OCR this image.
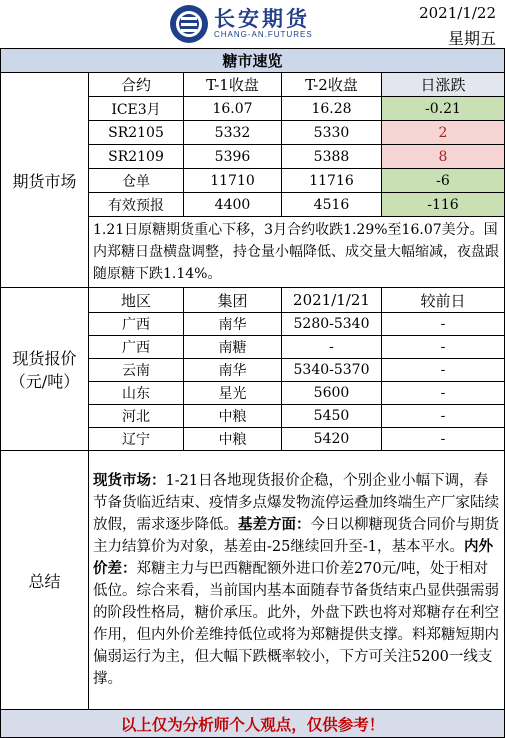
长安期货
CHANG-AN.FUTURES
2021/1/22
星期五
糖市速览				
期货市场	合约	T-1收盘	T-2收盘	日涨跌
	ICE3月	16.07	16.28	-0.21
	SR2105	5332	5330	2
	SR2109	5396	5388	8
	仓单	11710	11716	-6
	有效预报	4400	4516	-116
	1.21日原糖期货重心下移，3月合约收跌1.29%至16.07美分。国内郑糖日盘横盘调整，持仓量小幅降低、成交量大幅缩减，夜盘跟随原糖下跌1.14%。			
现货报价
（元/吨）	地区	集团	2021/1/21	较前日
	广西	南华	5280-5340	-
	广西	南糖	-	-
	云南	南华	5340-5370	-
	山东	星光	5600	-
	河北	中粮	5450	-
	辽宁	中粮	5420	-
总结	现货市场：1-21日各地现货报价企稳，个别企业小幅下调，春节备货临近结束、疫情多点爆发物流停运叠加终端生产厂家陆续放假，需求逐步降低。基差方面：今日以柳糖现货合同价与期货主力结算价为对象，基差由-25继续回升至-1，基本平水。内外价差：郑糖主力与巴西糖配额外进口价差270元/吨，处于相对低位。综合来看，当前国内基本面随春节备货结束凸显供强需弱的阶段性格局，糖价承压。此外，外盘下跌也将对郑糖存在利空作用，但内外价差维持低位或将为郑糖提供支撑。料郑糖短期内偏弱运行为主，但大幅下跌概率较小，下方可关注5200一线支撑。			
以上仅为分析师个人观点，仅供参考！				
